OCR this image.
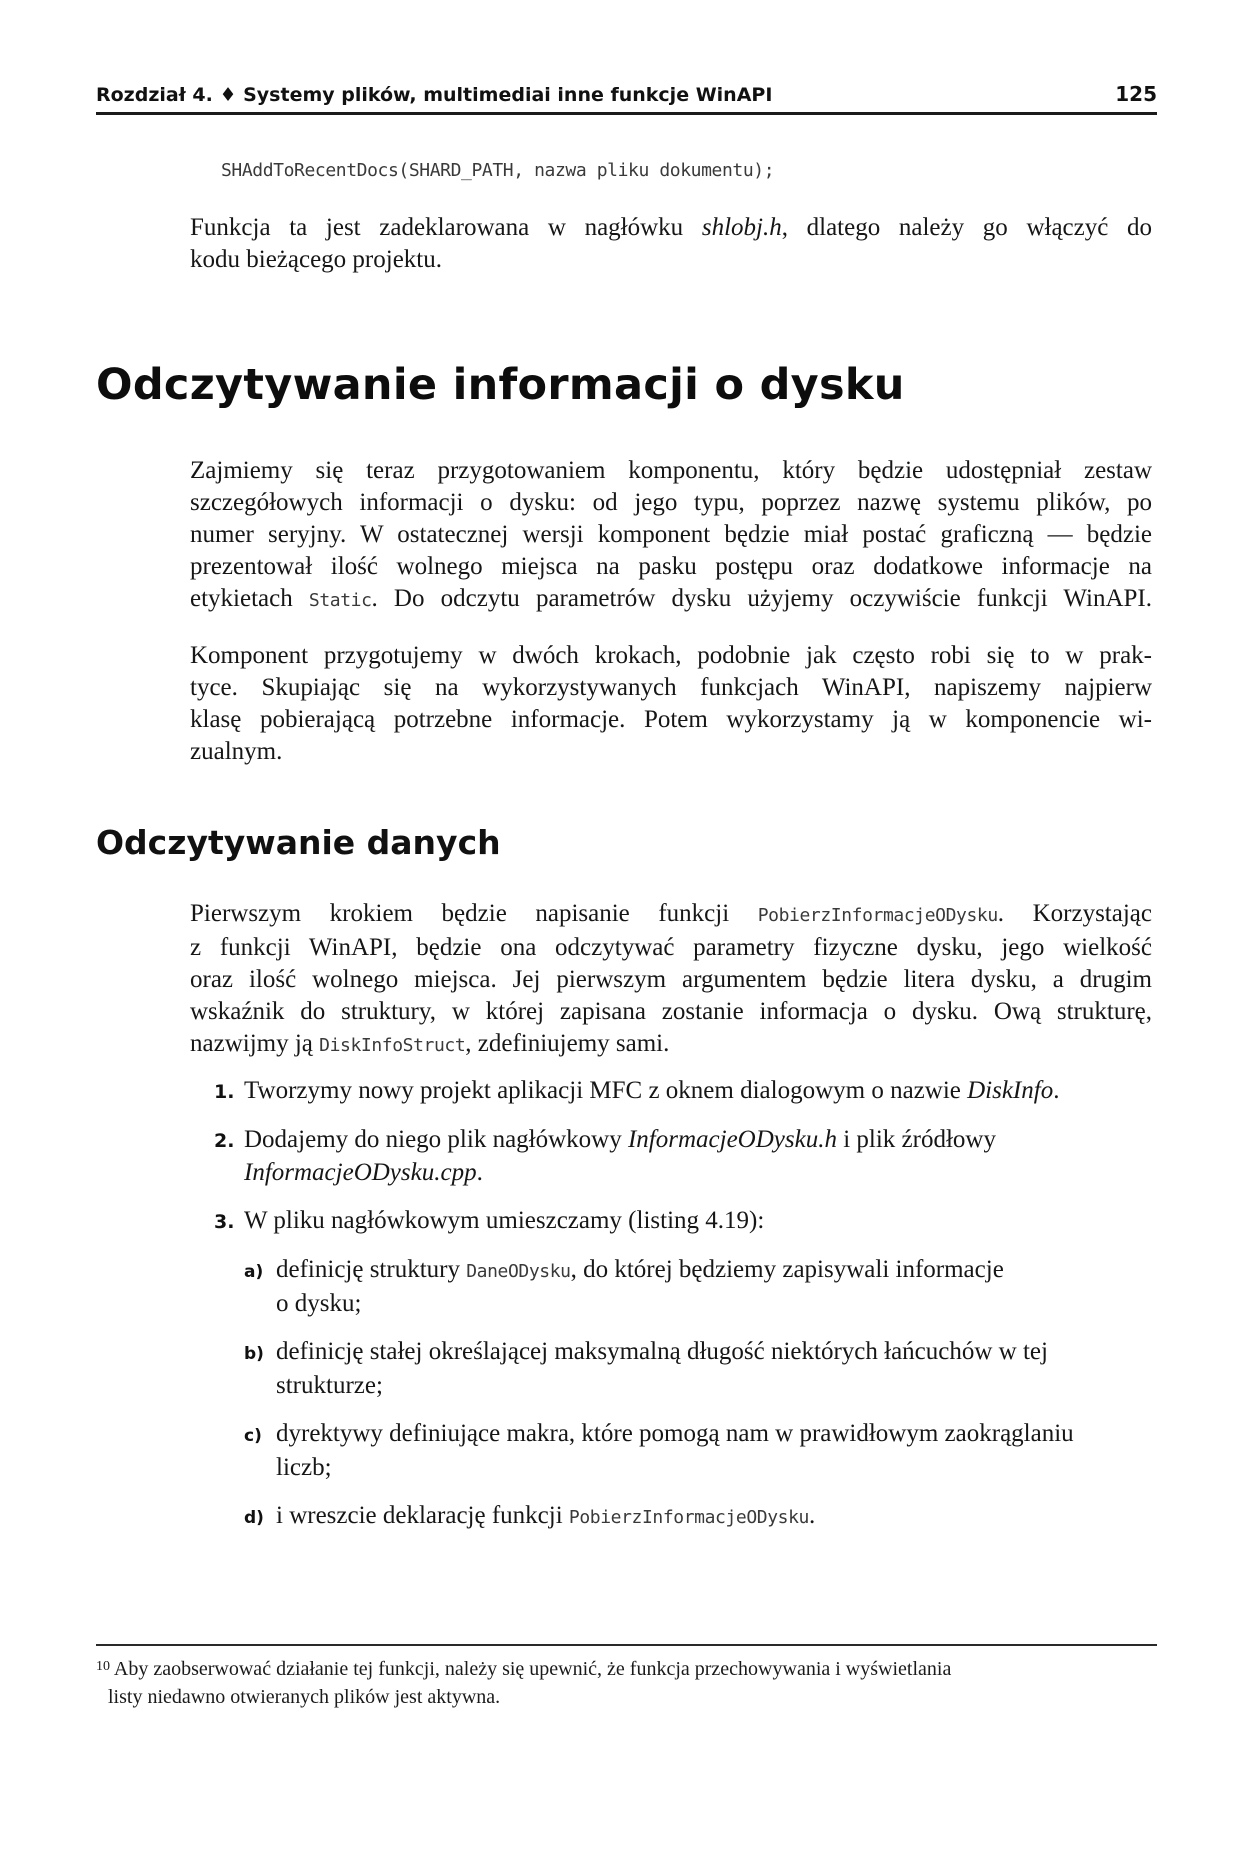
Rozdział 4. ♦ Systemy plików, multimediai inne funkcje WinAPI	125
SHAddToRecentDocs(SHARD_PATH, nazwa pliku dokumentu);
Funkcja ta jest zadeklarowana w nagłówku shlobj.h, dlatego należy go włączyć do
kodu bieżącego projektu.
Odczytywanie informacji o dysku
Zajmiemy się teraz przygotowaniem komponentu, który będzie udostępniał zestaw
szczegółowych informacji o dysku: od jego typu, poprzez nazwę systemu plików, po
numer seryjny. W ostatecznej wersji komponent będzie miał postać graficzną — będzie
prezentował ilość wolnego miejsca na pasku postępu oraz dodatkowe informacje na
etykietach Static. Do odczytu parametrów dysku użyjemy oczywiście funkcji WinAPI.
Komponent przygotujemy w dwóch krokach, podobnie jak często robi się to w prak-
tyce. Skupiając się na wykorzystywanych funkcjach WinAPI, napiszemy najpierw
klasę pobierającą potrzebne informacje. Potem wykorzystamy ją w komponencie wi-
zualnym.
Odczytywanie danych
Pierwszym krokiem będzie napisanie funkcji PobierzInformacjeODysku. Korzystając
z funkcji WinAPI, będzie ona odczytywać parametry fizyczne dysku, jego wielkość
oraz ilość wolnego miejsca. Jej pierwszym argumentem będzie litera dysku, a drugim
wskaźnik do struktury, w której zapisana zostanie informacja o dysku. Ową strukturę,
nazwijmy ją DiskInfoStruct, zdefiniujemy sami.
1. Tworzymy nowy projekt aplikacji MFC z oknem dialogowym o nazwie DiskInfo.
2. Dodajemy do niego plik nagłówkowy InformacjeODysku.h i plik źródłowy
InformacjeODysku.cpp.
3. W pliku nagłówkowym umieszczamy (listing 4.19):
a) definicję struktury DaneODysku, do której będziemy zapisywali informacje
o dysku;
b) definicję stałej określającej maksymalną długość niektórych łańcuchów w tej
strukturze;
c) dyrektywy definiujące makra, które pomogą nam w prawidłowym zaokrąglaniu
liczb;
d) i wreszcie deklarację funkcji PobierzInformacjeODysku.
$^{10}$ Aby zaobserwować działanie tej funkcji, należy się upewnić, że funkcja przechowywania i wyświetlania
listy niedawno otwieranych plików jest aktywna.
